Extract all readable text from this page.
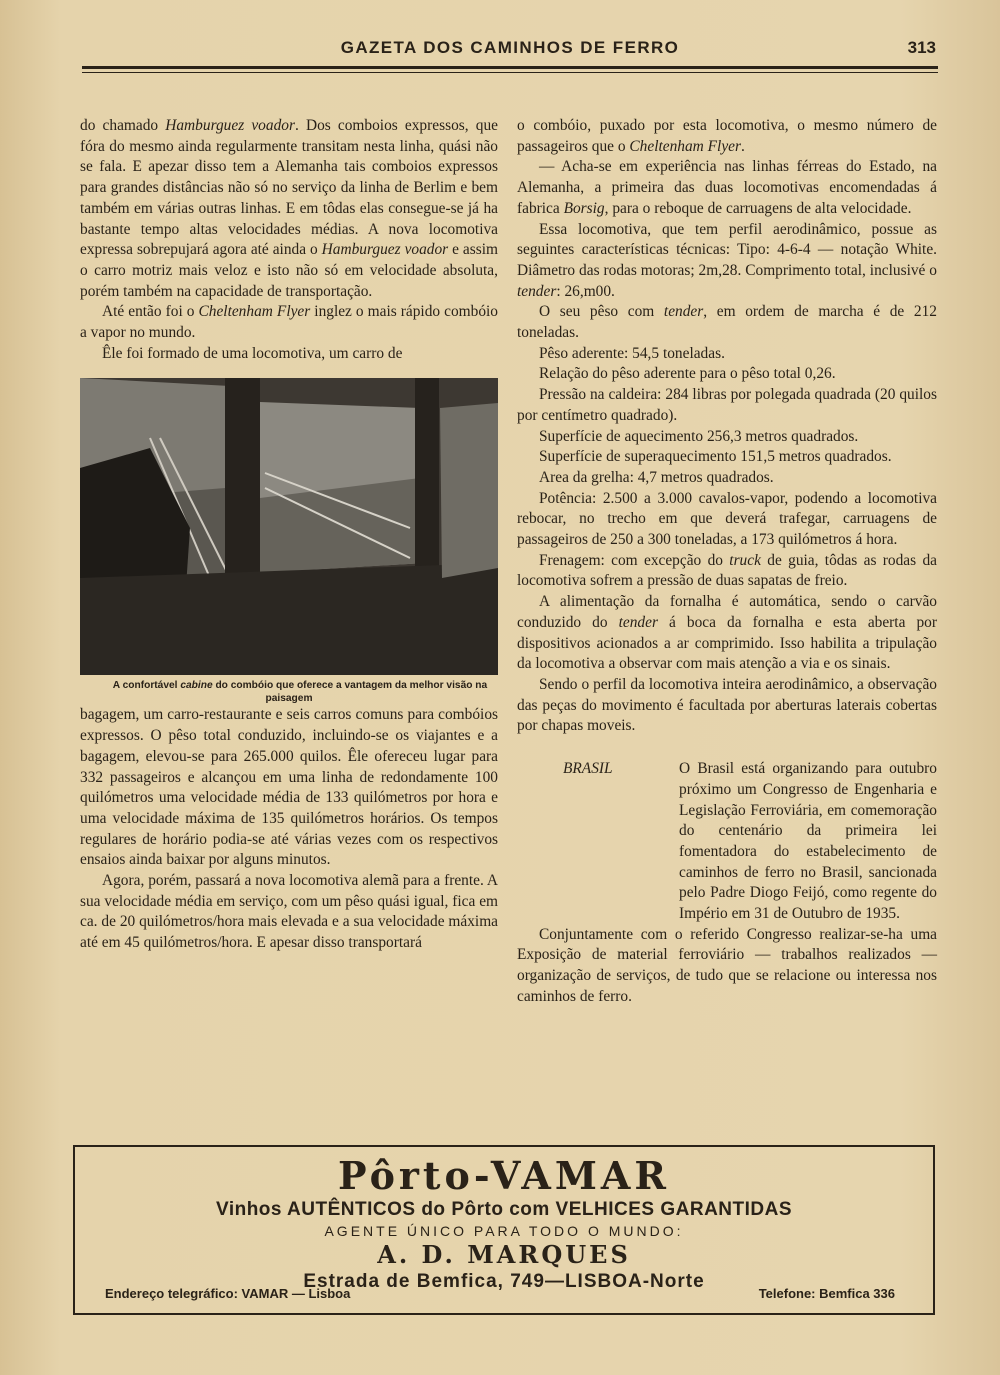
GAZETA DOS CAMINHOS DE FERRO	313

do chamado Hamburguez voador. Dos comboios expressos, que fóra do mesmo ainda regularmente transitam nesta linha, quási não se fala. E apezar disso tem a Alemanha tais comboios expressos para grandes distâncias não só no serviço da linha de Berlim e bem também em várias outras linhas. E em tôdas elas consegue-se já ha bastante tempo altas velocidades médias. A nova locomotiva expressa sobrepujará agora até ainda o Hamburguez voador e assim o carro motriz mais veloz e isto não só em velocidade absoluta, porém também na capacidade de transportação.

Até então foi o Cheltenham Flyer inglez o mais rápido combóio a vapor no mundo.

Êle foi formado de uma locomotiva, um carro de

A confortável cabine do combóio que oferece a vantagem da melhor visão na paisagem

bagagem, um carro-restaurante e seis carros comuns para combóios expressos. O pêso total conduzido, incluindo-se os viajantes e a bagagem, elevou-se para 265.000 quilos. Êle ofereceu lugar para 332 passageiros e alcançou em uma linha de redondamente 100 quilómetros uma velocidade média de 133 quilómetros por hora e uma velocidade máxima de 135 quilómetros horários. Os tempos regulares de horário podia-se até várias vezes com os respectivos ensaios ainda baixar por alguns minutos.

Agora, porém, passará a nova locomotiva alemã para a frente. A sua velocidade média em serviço, com um pêso quási igual, fica em ca. de 20 quilómetros/hora mais elevada e a sua velocidade máxima até em 45 quilómetros/hora. E apesar disso transportará

o combóio, puxado por esta locomotiva, o mesmo número de passageiros que o Cheltenham Flyer.

— Acha-se em experiência nas linhas férreas do Estado, na Alemanha, a primeira das duas locomotivas encomendadas á fabrica Borsig, para o reboque de carruagens de alta velocidade.

Essa locomotiva, que tem perfil aerodinâmico, possue as seguintes características técnicas: Tipo: 4-6-4 — notação White. Diâmetro das rodas motoras; 2m,28. Comprimento total, inclusivé o tender: 26,m00.

O seu pêso com tender, em ordem de marcha é de 212 toneladas.

Pêso aderente: 54,5 toneladas.

Relação do pêso aderente para o pêso total 0,26.

Pressão na caldeira: 284 libras por polegada quadrada (20 quilos por centímetro quadrado).

Superfície de aquecimento 256,3 metros quadrados.

Superfície de superaquecimento 151,5 metros quadrados.

Area da grelha: 4,7 metros quadrados.

Potência: 2.500 a 3.000 cavalos-vapor, podendo a locomotiva rebocar, no trecho em que deverá trafegar, carruagens de passageiros de 250 a 300 toneladas, a 173 quilómetros á hora.

Frenagem: com excepção do truck de guia, tôdas as rodas da locomotiva sofrem a pressão de duas sapatas de freio.

A alimentação da fornalha é automática, sendo o carvão conduzido do tender á boca da fornalha e esta aberta por dispositivos acionados a ar comprimido. Isso habilita a tripulação da locomotiva a observar com mais atenção a via e os sinais.

Sendo o perfil da locomotiva inteira aerodinâmico, a observação das peças do movimento é facultada por aberturas laterais cobertas por chapas moveis.

BRASIL	O Brasil está organizando para outubro próximo um Congresso de Engenharia e Legislação Ferroviária, em comemoração do centenário da primeira lei fomentadora do estabelecimento de caminhos de ferro no Brasil, sancionada pelo Padre Diogo Feijó, como regente do Império em 31 de Outubro de 1935.

Conjuntamente com o referido Congresso realizar-se-ha uma Exposição de material ferroviário — trabalhos realizados — organização de serviços, de tudo que se relacione ou interessa nos caminhos de ferro.

Pôrto-VAMAR
Vinhos AUTÊNTICOS do Pôrto com VELHICES GARANTIDAS
AGENTE ÚNICO PARA TODO O MUNDO:
A. D. MARQUES
Estrada de Bemfica, 749—LISBOA-Norte
Endereço telegráfico: VAMAR — Lisboa	Telefone: Bemfica 336
